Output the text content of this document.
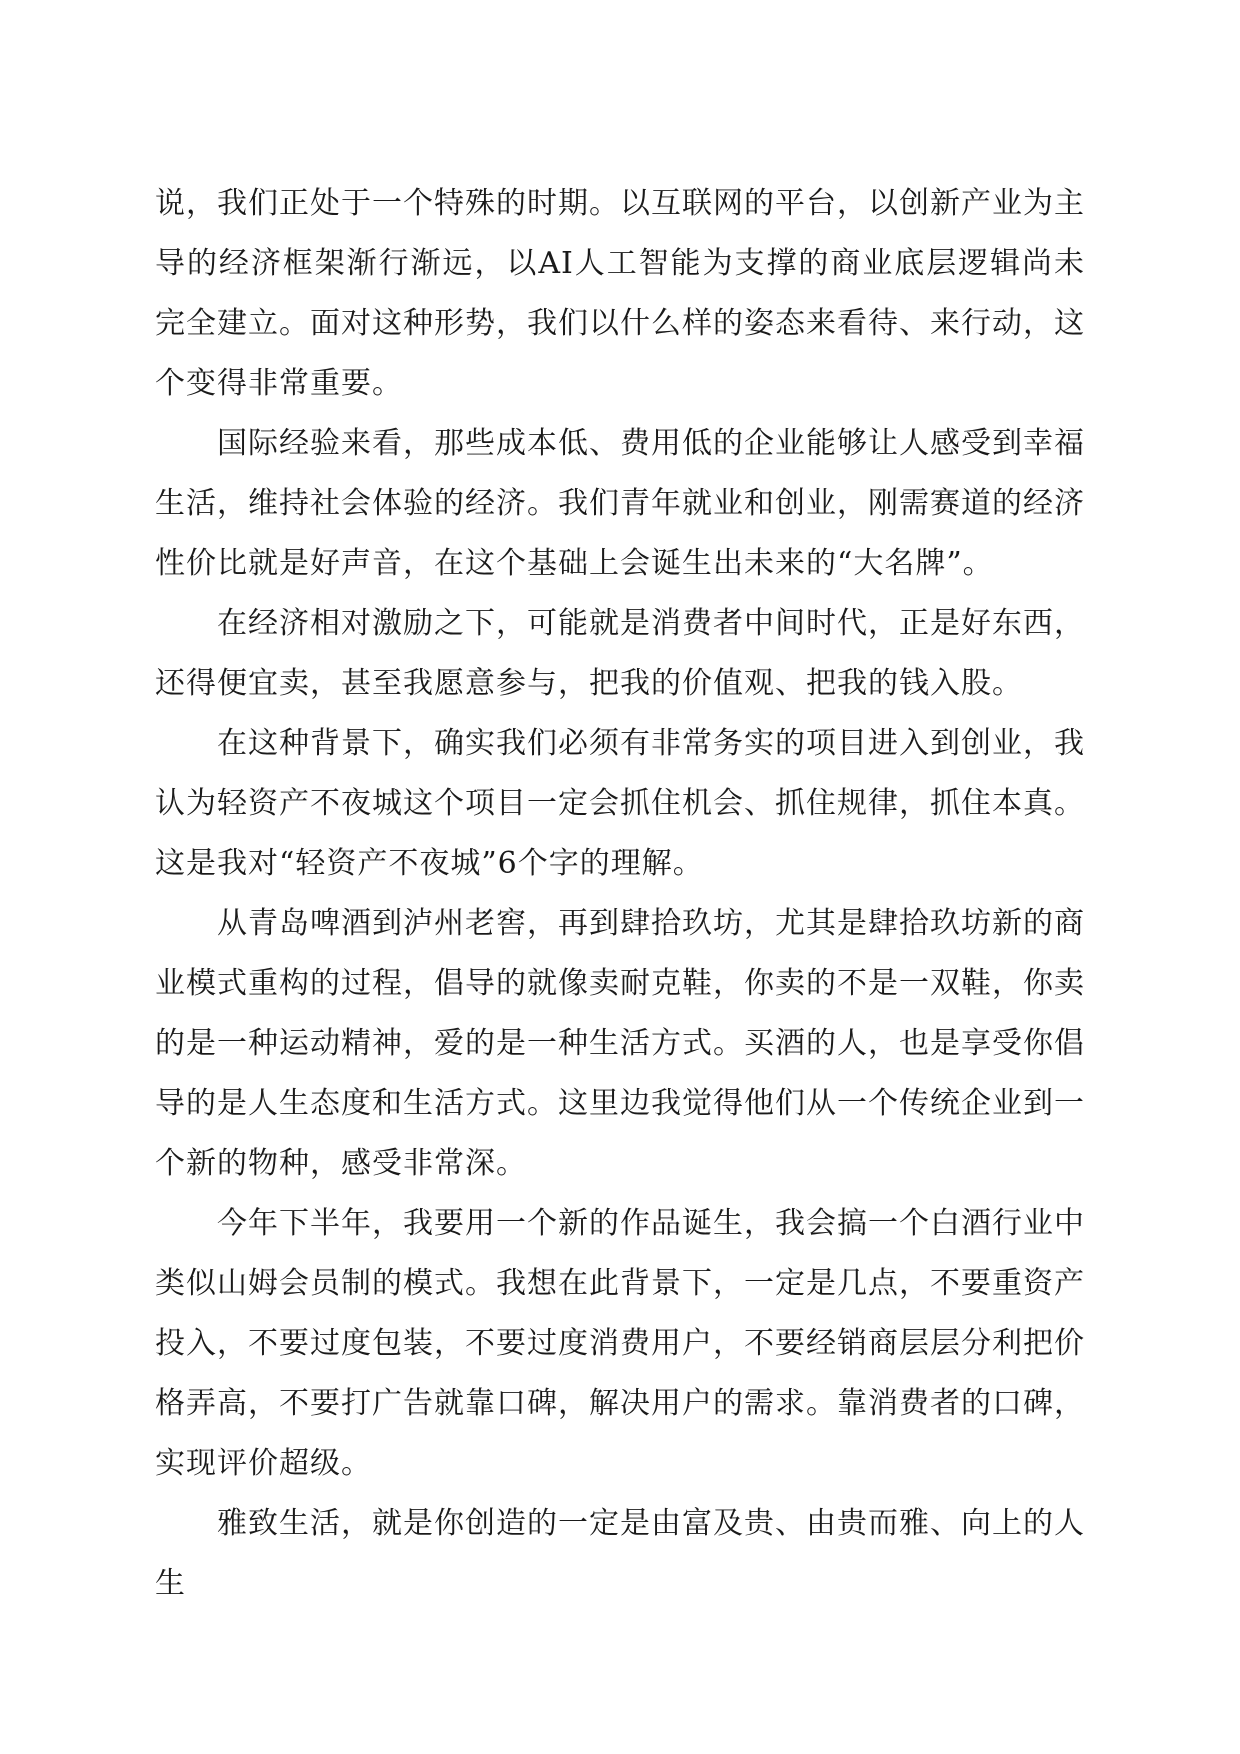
说，我们正处于一个特殊的时期。以互联网的平台，以创新产业为主导的经济框架渐行渐远，以AI人工智能为支撑的商业底层逻辑尚未完全建立。面对这种形势，我们以什么样的姿态来看待、来行动，这个变得非常重要。

国际经验来看，那些成本低、费用低的企业能够让人感受到幸福生活，维持社会体验的经济。我们青年就业和创业，刚需赛道的经济性价比就是好声音，在这个基础上会诞生出未来的“大名牌”。

在经济相对激励之下，可能就是消费者中间时代，正是好东西，还得便宜卖，甚至我愿意参与，把我的价值观、把我的钱入股。

在这种背景下，确实我们必须有非常务实的项目进入到创业，我认为轻资产不夜城这个项目一定会抓住机会、抓住规律，抓住本真。这是我对“轻资产不夜城”6个字的理解。

从青岛啤酒到泸州老窖，再到肆拾玖坊，尤其是肆拾玖坊新的商业模式重构的过程，倡导的就像卖耐克鞋，你卖的不是一双鞋，你卖的是一种运动精神，爱的是一种生活方式。买酒的人，也是享受你倡导的是人生态度和生活方式。这里边我觉得他们从一个传统企业到一个新的物种，感受非常深。

今年下半年，我要用一个新的作品诞生，我会搞一个白酒行业中类似山姆会员制的模式。我想在此背景下，一定是几点，不要重资产投入，不要过度包装，不要过度消费用户，不要经销商层层分利把价格弄高，不要打广告就靠口碑，解决用户的需求。靠消费者的口碑，实现评价超级。

雅致生活，就是你创造的一定是由富及贵、由贵而雅、向上的人生
